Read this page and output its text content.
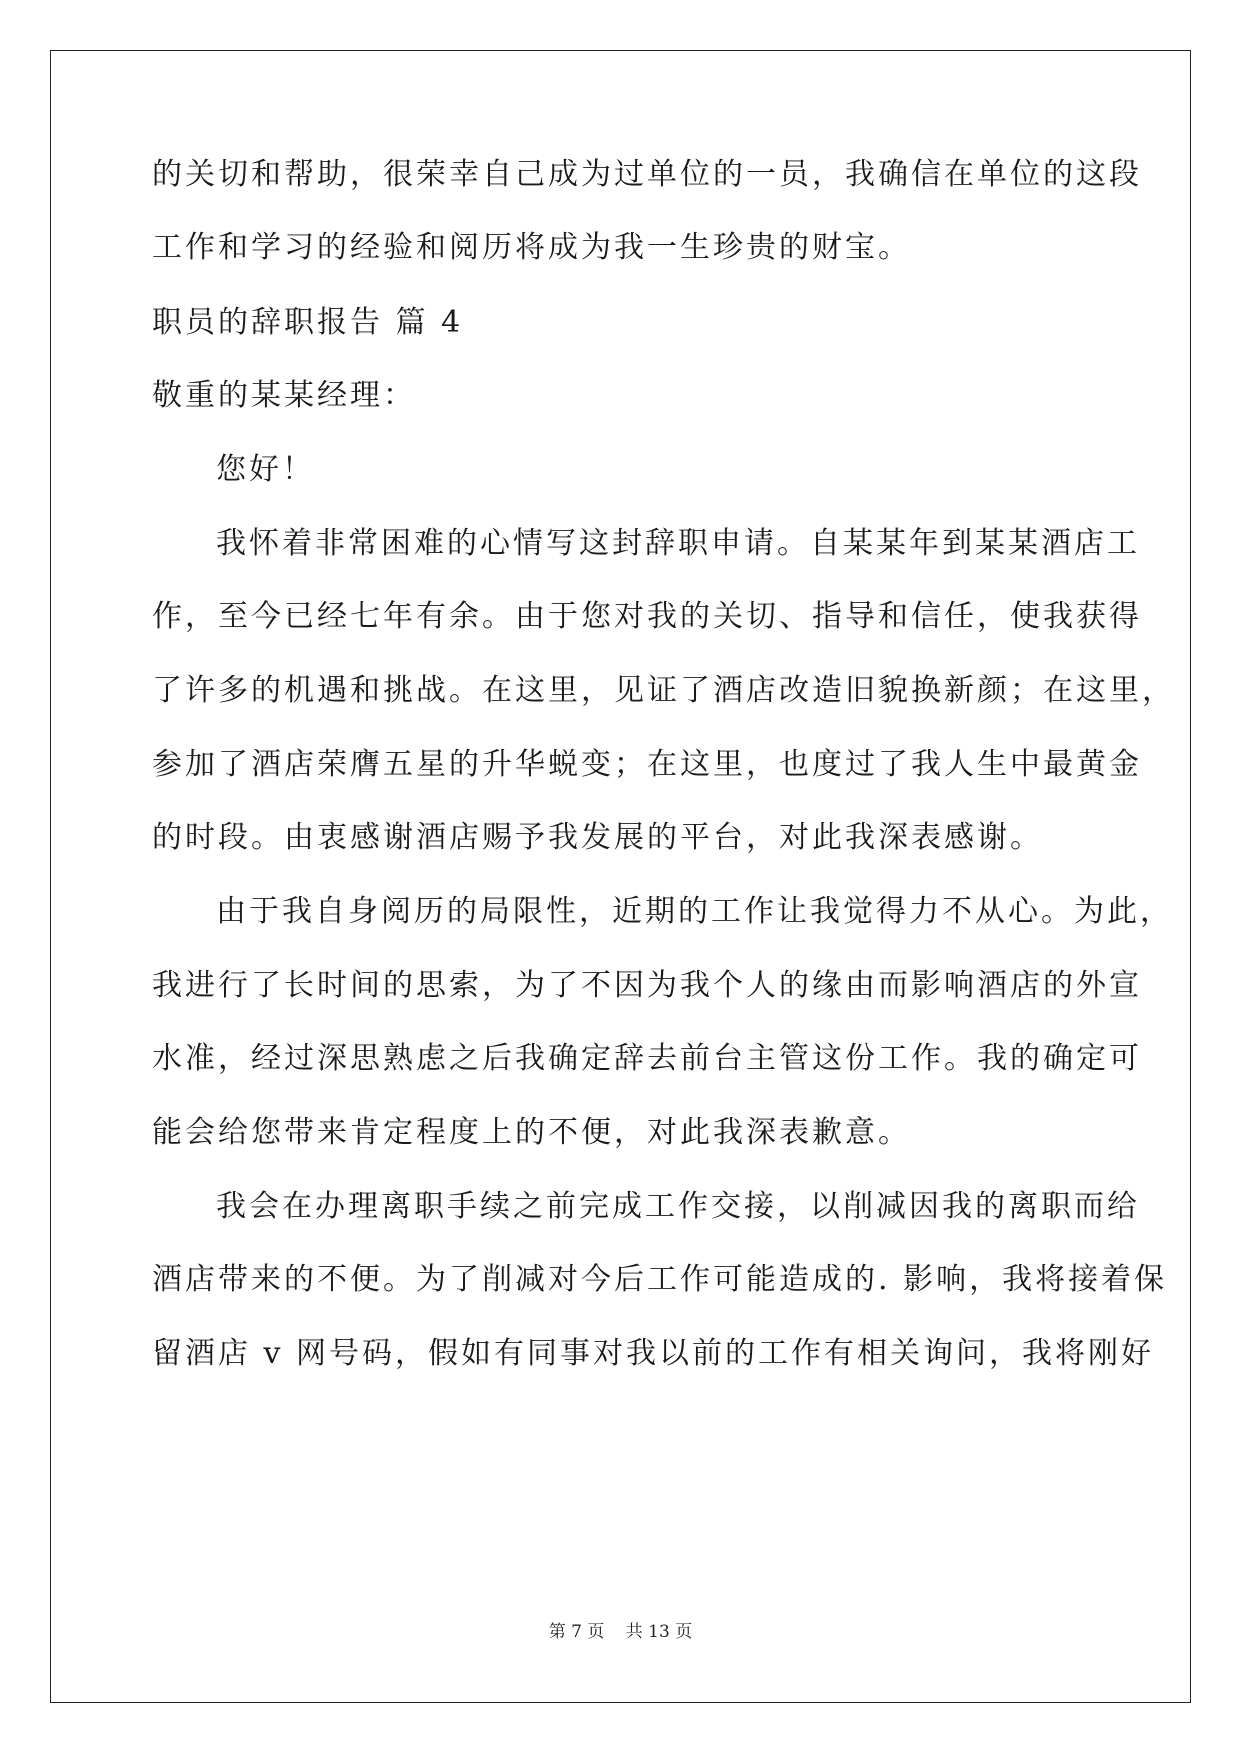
的关切和帮助，很荣幸自己成为过单位的一员，我确信在单位的这段
工作和学习的经验和阅历将成为我一生珍贵的财宝。
职员的辞职报告 篇 4
敬重的某某经理：
您好！
我怀着非常困难的心情写这封辞职申请。自某某年到某某酒店工
作，至今已经七年有余。由于您对我的关切、指导和信任，使我获得
了许多的机遇和挑战。在这里，见证了酒店改造旧貌换新颜；在这里，
参加了酒店荣膺五星的升华蜕变；在这里，也度过了我人生中最黄金
的时段。由衷感谢酒店赐予我发展的平台，对此我深表感谢。
由于我自身阅历的局限性，近期的工作让我觉得力不从心。为此，
我进行了长时间的思索，为了不因为我个人的缘由而影响酒店的外宣
水准，经过深思熟虑之后我确定辞去前台主管这份工作。我的确定可
能会给您带来肯定程度上的不便，对此我深表歉意。
我会在办理离职手续之前完成工作交接，以削减因我的离职而给
酒店带来的不便。为了削减对今后工作可能造成的. 影响，我将接着保
留酒店 v 网号码，假如有同事对我以前的工作有相关询问，我将刚好
第 7 页 共 13 页
